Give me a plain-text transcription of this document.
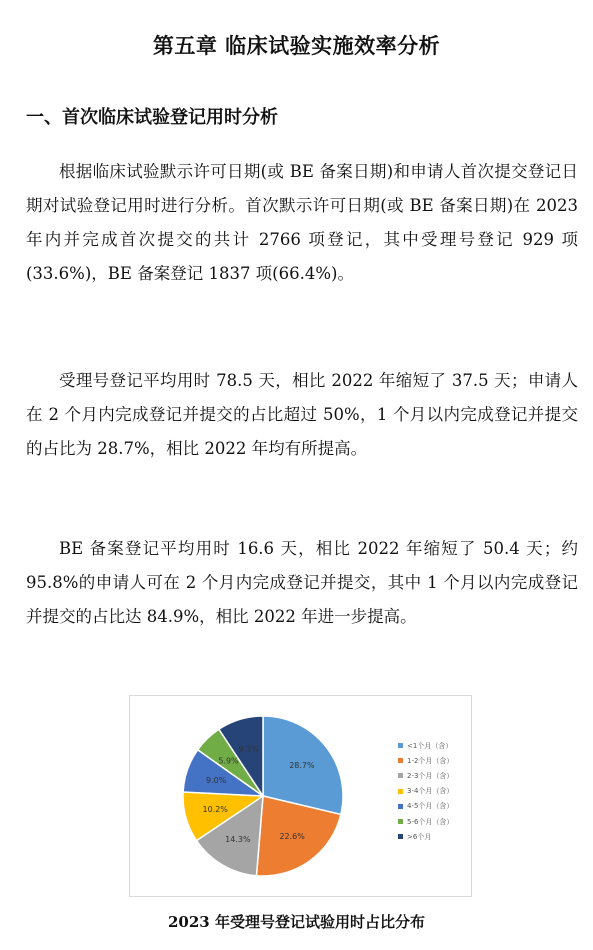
第五章 临床试验实施效率分析
一、首次临床试验登记用时分析

根据临床试验默示许可日期(或 BE 备案日期)和申请人首次提交登记日期对试验登记用时进行分析。首次默示许可日期(或 BE 备案日期)在 2023 年内并完成首次提交的共计 2766 项登记，其中受理号登记 929 项(33.6%)，BE 备案登记 1837 项(66.4%)。

受理号登记平均用时 78.5 天，相比 2022 年缩短了 37.5 天；申请人在 2 个月内完成登记并提交的占比超过 50%，1 个月以内完成登记并提交的占比为 28.7%，相比 2022 年均有所提高。

BE 备案登记平均用时 16.6 天，相比 2022 年缩短了 50.4 天；约 95.8%的申请人可在 2 个月内完成登记并提交，其中 1 个月以内完成登记并提交的占比达 84.9%，相比 2022 年进一步提高。

28.7%
22.6%
14.3%
10.2%
9.0%
5.9%
9.3%	<1个月（含）
1-2个月（含）
2-3个月（含）
3-4个月（含）
4-5个月（含）
5-6个月（含）
>6个月
2023 年受理号登记试验用时占比分布
